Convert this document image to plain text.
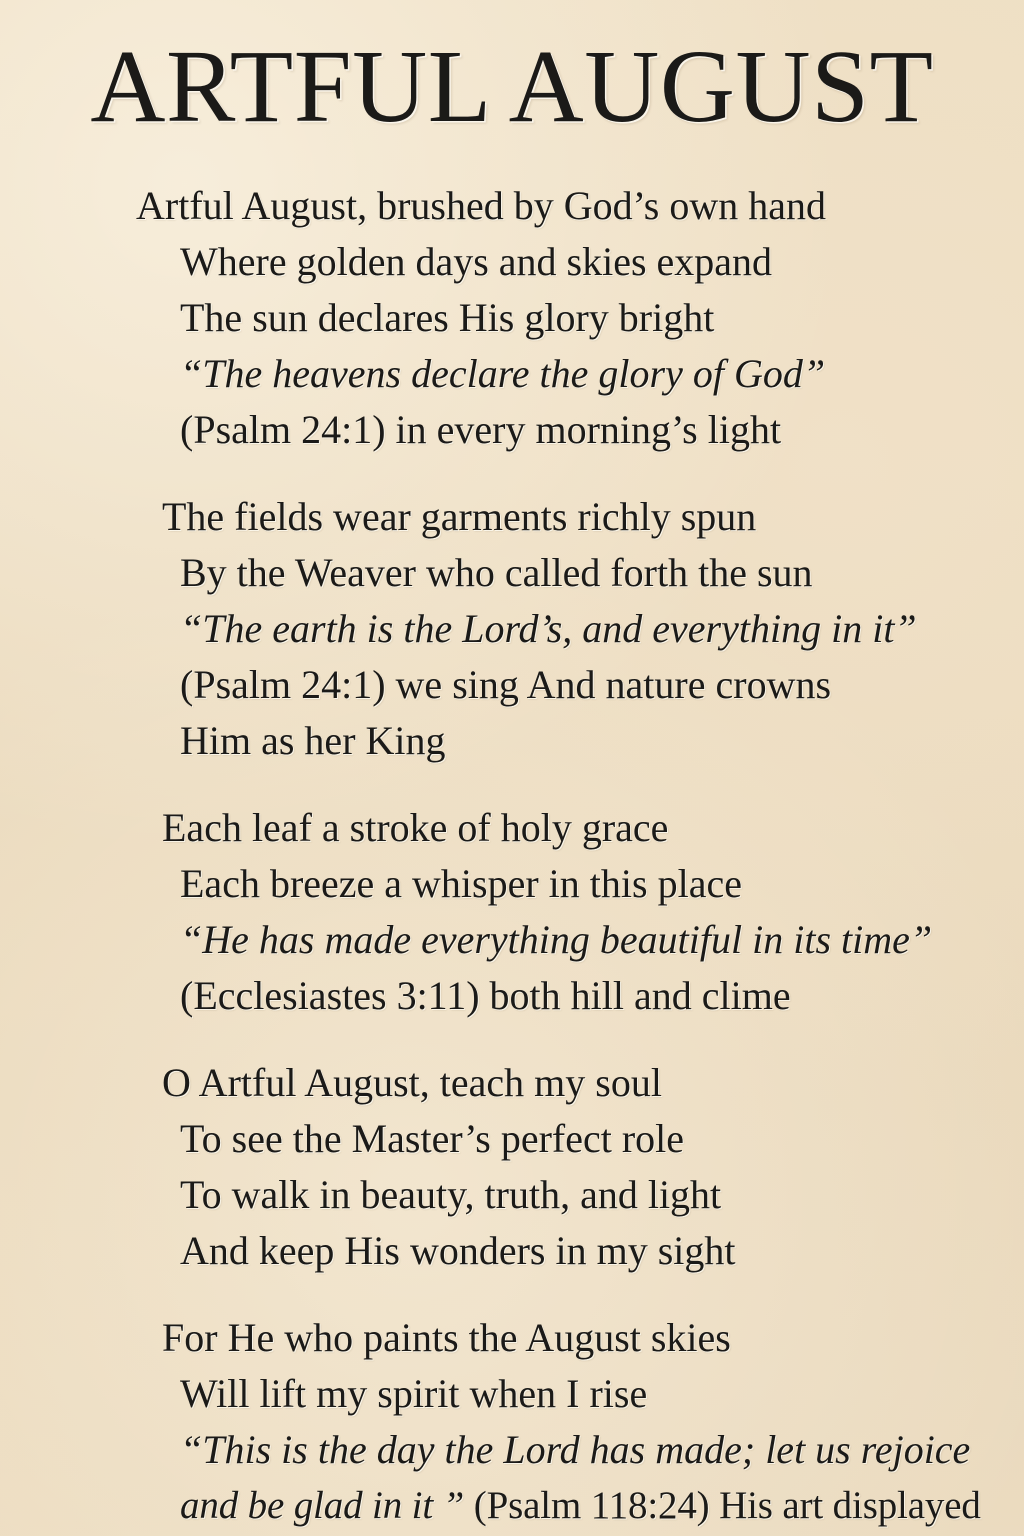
ARTFUL AUGUST
Artful August, brushed by God’s own hand
Where golden days and skies expand
The sun declares His glory bright
“The heavens declare the glory of God”
(Psalm 24:1) in every morning’s light
The fields wear garments richly spun
By the Weaver who called forth the sun
“The earth is the Lord’s, and everything in it”
(Psalm 24:1) we sing And nature crowns
Him as her King
Each leaf a stroke of holy grace
Each breeze a whisper in this place
“He has made everything beautiful in its time”
(Ecclesiastes 3:11) both hill and clime
O Artful August, teach my soul
To see the Master’s perfect role
To walk in beauty, truth, and light
And keep His wonders in my sight
For He who paints the August skies
Will lift my spirit when I rise
“This is the day the Lord has made; let us rejoice
and be glad in it ” (Psalm 118:24) His art displayed
